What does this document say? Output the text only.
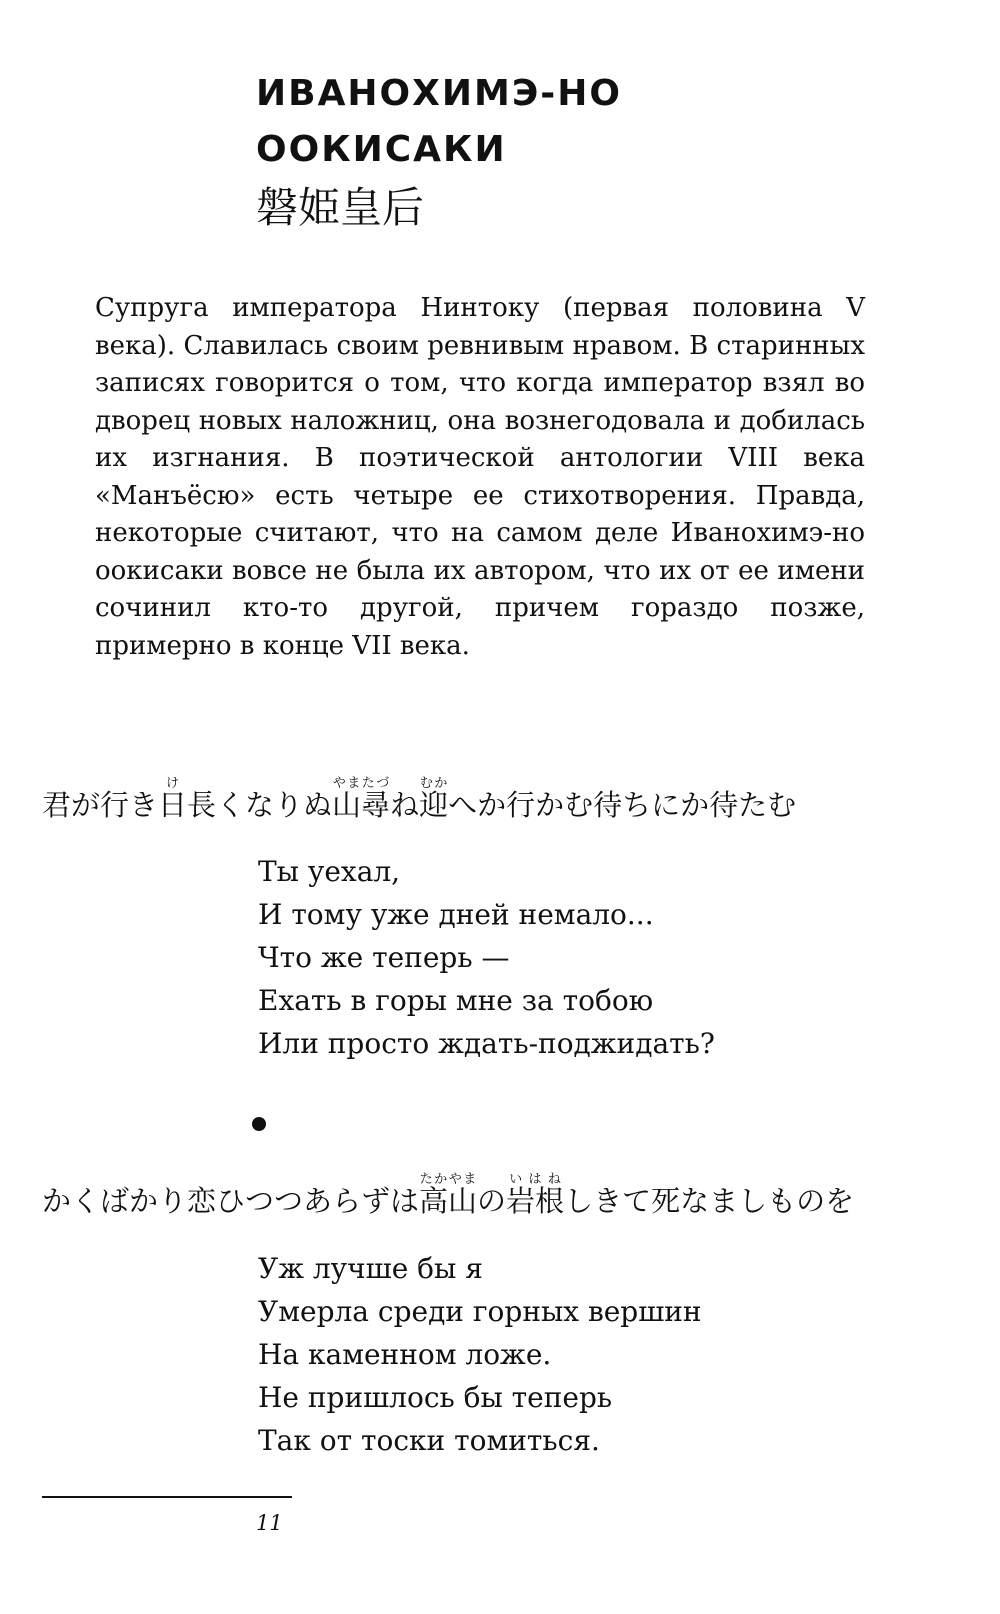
ИВАНОХИМЭ-НО
ООКИСАКИ

磐姫皇后

Супруга императора Нинтоку (первая половина V века). Славилась своим ревнивым нравом. В старинных записях говорится о том, что когда император взял во дворец новых наложниц, она вознегодовала и добилась их изгнания. В поэтической антологии VIII века «Манъёсю» есть четыре ее стихотворения. Правда, некоторые считают, что на самом деле Иванохимэ-но оокисаки вовсе не была их автором, что их от ее имени сочинил кто-то другой, причем гораздо позже, примерно в конце VII века.

君が行き日け長くなりぬ山尋やまたづね迎むかへか行かむ待ちにか待たむ

Ты уехал,
И тому уже дней немало...
Что же теперь —
Ехать в горы мне за тобою
Или просто ждать-поджидать?

かくばかり恋ひつつあらずは高山たかやまの岩根いはねしきて死なましものを

Уж лучше бы я
Умерла среди горных вершин
На каменном ложе.
Не пришлось бы теперь
Так от тоски томиться.
11
